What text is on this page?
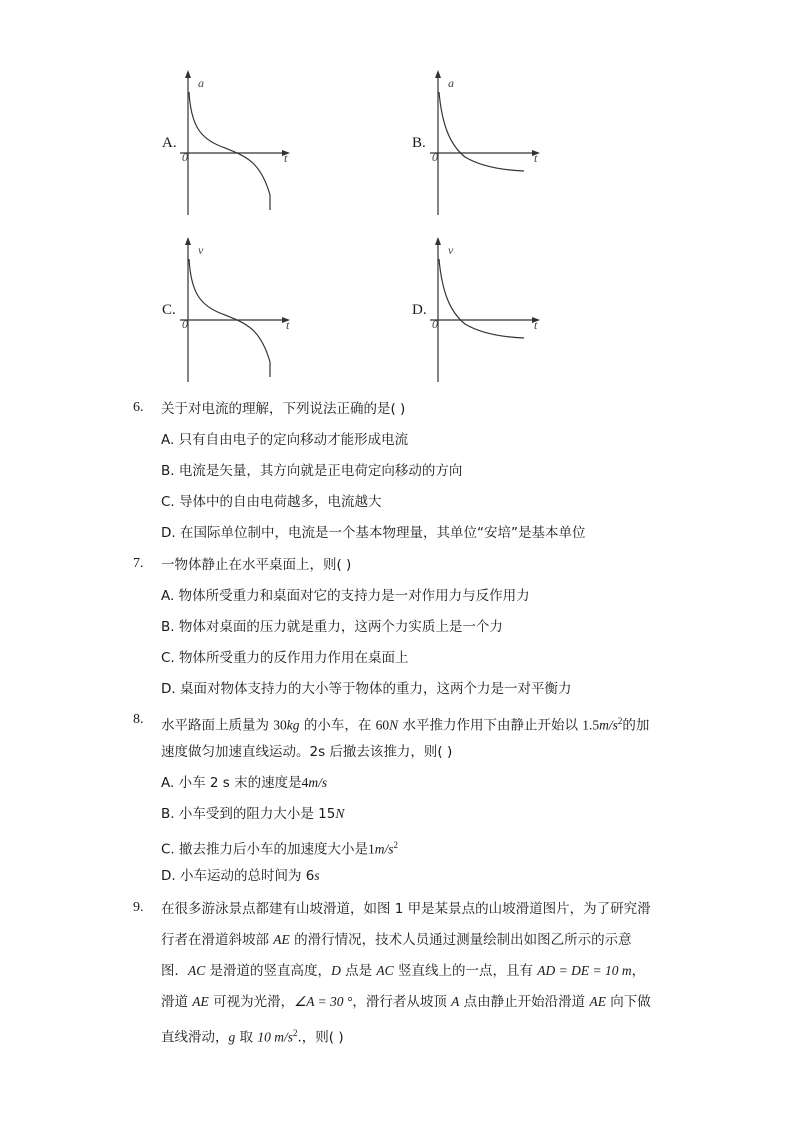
A.
a
t
0
B.
a
t
0
C.
v
t
0
D.
v
t
0
6. 关于对电流的理解，下列说法正确的是( )
A. 只有自由电子的定向移动才能形成电流
B. 电流是矢量，其方向就是正电荷定向移动的方向
C. 导体中的自由电荷越多，电流越大
D. 在国际单位制中，电流是一个基本物理量，其单位“安培”是基本单位
7. 一物体静止在水平桌面上，则( )
A. 物体所受重力和桌面对它的支持力是一对作用力与反作用力
B. 物体对桌面的压力就是重力，这两个力实质上是一个力
C. 物体所受重力的反作用力作用在桌面上
D. 桌面对物体支持力的大小等于物体的重力，这两个力是一对平衡力
8. 水平路面上质量为 30kg 的小车，在 60N 水平推力作用下由静止开始以 $1.5m/s^2$的加
速度做匀加速直线运动。2s 后撤去该推力，则( )
A. 小车 2 s 末的速度是4m/s
B. 小车受到的阻力大小是 15N
C. 撤去推力后小车的加速度大小是$1m/s^2$
D. 小车运动的总时间为 6s
9. 在很多游泳景点都建有山坡滑道，如图 1 甲是某景点的山坡滑道图片，为了研究滑
行者在滑道斜坡部 AE 的滑行情况，技术人员通过测量绘制出如图乙所示的示意
图．AC 是滑道的竖直高度，D 点是 AC 竖直线上的一点，且有 AD = DE = 10 m，
滑道 AE 可视为光滑，∠A = 30 °，滑行者从坡顶 A 点由静止开始沿滑道 AE 向下做
直线滑动，g 取 10 $m/s^2$.，则( )
